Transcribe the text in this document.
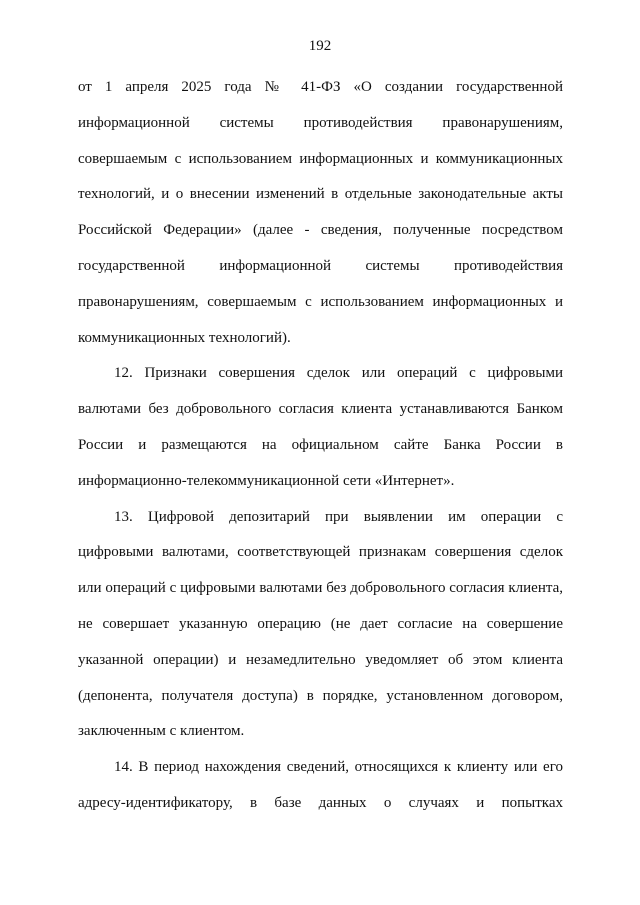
192
от 1 апреля 2025 года № 41-ФЗ «О создании государственной
информационной системы противодействия правонарушениям,
совершаемым с использованием информационных и коммуникационных
технологий, и о внесении изменений в отдельные законодательные акты
Российской Федерации» (далее - сведения, полученные посредством
государственной информационной системы противодействия
правонарушениям, совершаемым с использованием информационных и
коммуникационных технологий).
12. Признаки совершения сделок или операций с цифровыми
валютами без добровольного согласия клиента устанавливаются Банком
России и размещаются на официальном сайте Банка России в
информационно-телекоммуникационной сети «Интернет».
13. Цифровой депозитарий при выявлении им операции с
цифровыми валютами, соответствующей признакам совершения сделок
или операций с цифровыми валютами без добровольного согласия клиента,
не совершает указанную операцию (не дает согласие на совершение
указанной операции) и незамедлительно уведомляет об этом клиента
(депонента, получателя доступа) в порядке, установленном договором,
заключенным с клиентом.
14. В период нахождения сведений, относящихся к клиенту или его
адресу-идентификатору, в базе данных о случаях и попытках
